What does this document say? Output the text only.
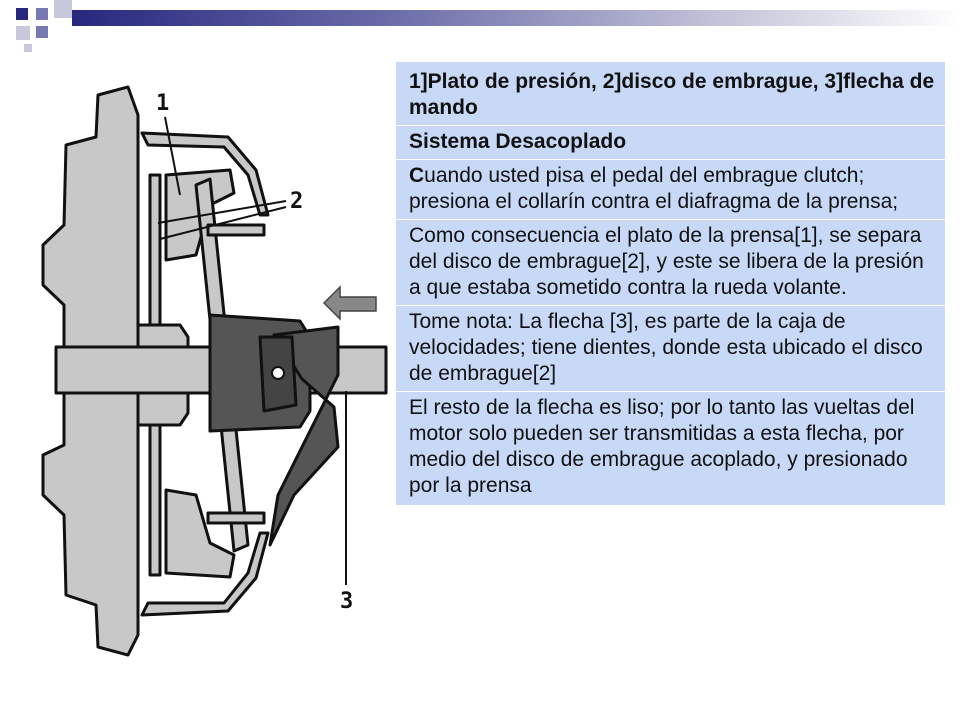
1
2
3
1]Plato de presión, 2]disco de embrague, 3]flecha de mando
Sistema Desacoplado
Cuando usted pisa el pedal del embrague clutch; presiona el collarín contra el diafragma de la prensa;
Como consecuencia el plato de la prensa[1], se separa del disco de embrague[2], y este se libera de la presión a que estaba sometido contra la rueda volante.
Tome nota: La flecha [3], es parte de la caja de velocidades; tiene dientes, donde esta ubicado el disco de embrague[2]
El resto de la flecha es liso; por lo tanto las vueltas del motor solo pueden ser transmitidas a esta flecha, por medio del disco de embrague acoplado, y presionado por la prensa
